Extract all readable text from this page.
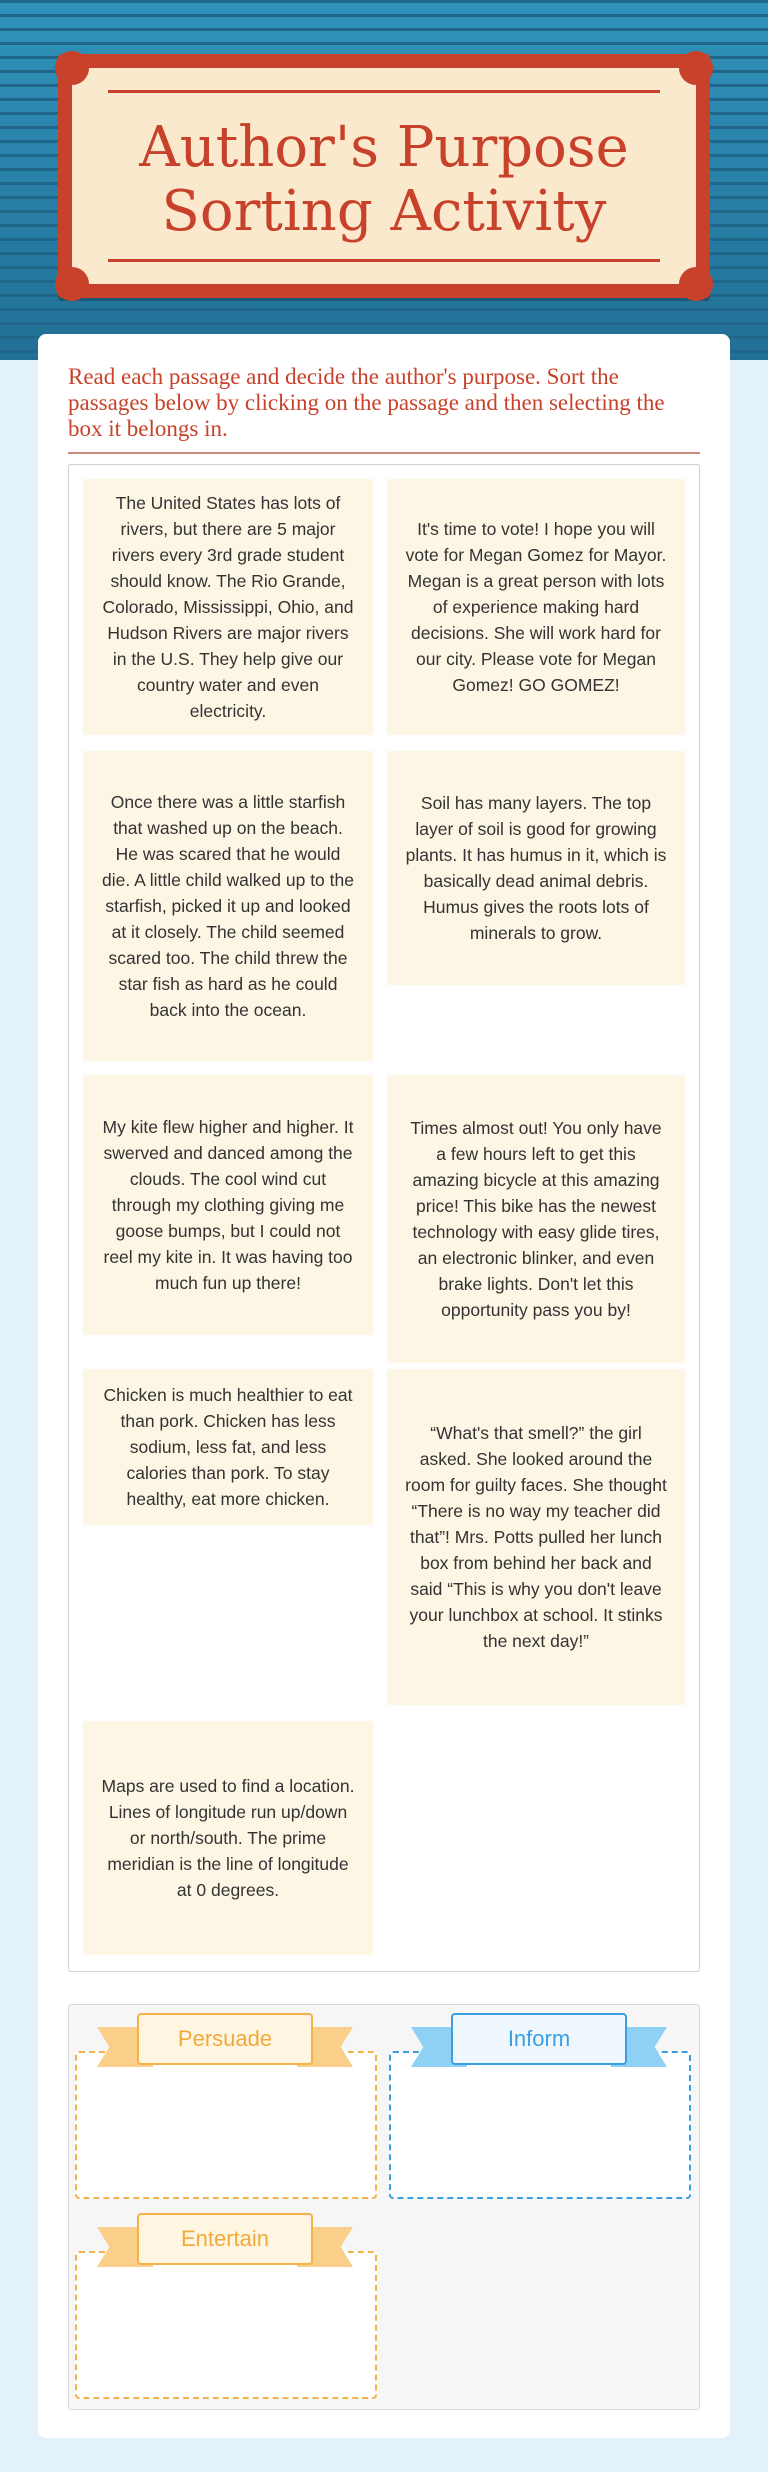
Author's Purpose
Sorting Activity
Read each passage and decide the author's purpose. Sort the passages below by clicking on the passage and then selecting the box it belongs in.
The United States has lots of rivers, but there are 5 major rivers every 3rd grade student should know. The Rio Grande, Colorado, Mississippi, Ohio, and Hudson Rivers are major rivers in the U.S. They help give our country water and even electricity.
It's time to vote! I hope you will vote for Megan Gomez for Mayor. Megan is a great person with lots of experience making hard decisions. She will work hard for our city. Please vote for Megan Gomez! GO GOMEZ!
Once there was a little starfish that washed up on the beach. He was scared that he would die. A little child walked up to the starfish, picked it up and looked at it closely. The child seemed scared too. The child threw the star fish as hard as he could back into the ocean.
Soil has many layers. The top layer of soil is good for growing plants. It has humus in it, which is basically dead animal debris. Humus gives the roots lots of minerals to grow.
My kite flew higher and higher. It swerved and danced among the clouds. The cool wind cut through my clothing giving me goose bumps, but I could not reel my kite in. It was having too much fun up there!
Times almost out! You only have a few hours left to get this amazing bicycle at this amazing price! This bike has the newest technology with easy glide tires, an electronic blinker, and even brake lights. Don't let this opportunity pass you by!
Chicken is much healthier to eat than pork. Chicken has less sodium, less fat, and less calories than pork. To stay healthy, eat more chicken.
“What's that smell?” the girl asked. She looked around the room for guilty faces. She thought “There is no way my teacher did that”! Mrs. Potts pulled her lunch box from behind her back and said “This is why you don't leave your lunchbox at school. It stinks the next day!”
Maps are used to find a location. Lines of longitude run up/down or north/south. The prime meridian is the line of longitude at 0 degrees.
Persuade	Inform
Entertain
